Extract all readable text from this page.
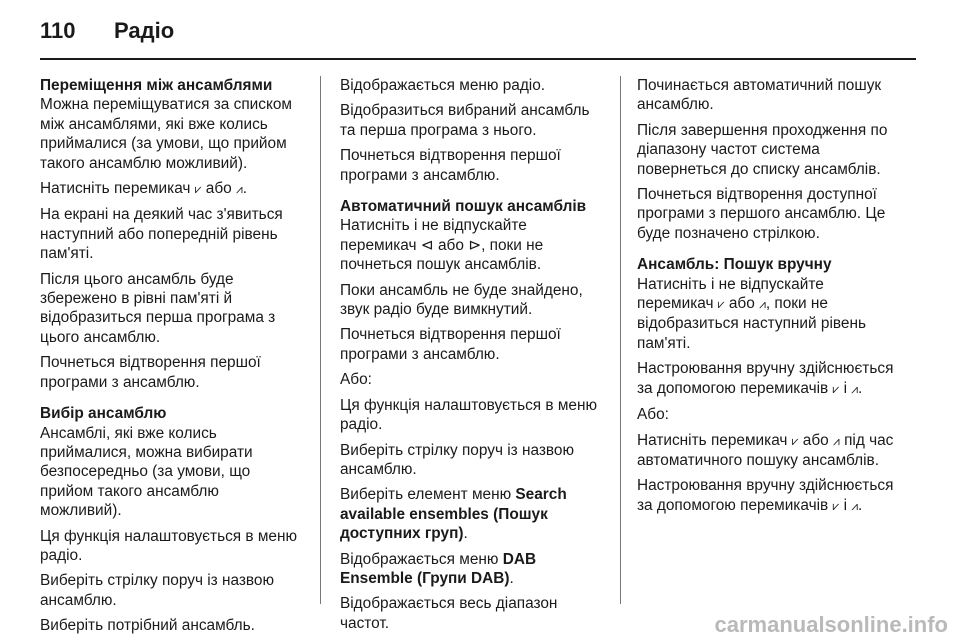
110	Радіо
Переміщення між ансамблями

Можна переміщуватися за списком між ансамблями, які вже колись приймалися (за умови, що прийом такого ансамблю можливий).

Натисніть перемикач ⩗ або ⩘.

На екрані на деякий час з'явиться наступний або попередній рівень пам'яті.

Після цього ансамбль буде збережено в рівні пам'яті й відобразиться перша програма з цього ансамблю.

Почнеться відтворення першої програми з ансамблю.

Вибір ансамблю

Ансамблі, які вже колись приймалися, можна вибирати безпосередньо (за умови, що прийом такого ансамблю можливий).

Ця функція налаштовується в меню радіо.

Виберіть стрілку поруч із назвою ансамблю.

Виберіть потрібний ансамбль.

Відображається меню радіо.

Відобразиться вибраний ансамбль та перша програма з нього.

Почнеться відтворення першої програми з ансамблю.

Автоматичний пошук ансамблів

Натисніть і не відпускайте перемикач ⊲ або ⊳, поки не почнеться пошук ансамблів.

Поки ансамбль не буде знайдено, звук радіо буде вимкнутий.

Почнеться відтворення першої програми з ансамблю.

Або:

Ця функція налаштовується в меню радіо.

Виберіть стрілку поруч із назвою ансамблю.

Виберіть елемент меню Search available ensembles (Пошук доступних груп).

Відображається меню DAB Ensemble (Групи DAB).

Відображається весь діапазон частот.

Починається автоматичний пошук ансамблю.

Після завершення проходження по діапазону частот система повернеться до списку ансамблів.

Почнеться відтворення доступної програми з першого ансамблю. Це буде позначено стрілкою.

Ансамбль: Пошук вручну

Натисніть і не відпускайте перемикач ⩗ або ⩘, поки не відобразиться наступний рівень пам'яті.

Настроювання вручну здійснюється за допомогою перемикачів ⩗ і ⩘.

Або:

Натисніть перемикач ⩗ або ⩘ під час автоматичного пошуку ансамблів.

Настроювання вручну здійснюється за допомогою перемикачів ⩗ і ⩘.

carmanualsonline.info
